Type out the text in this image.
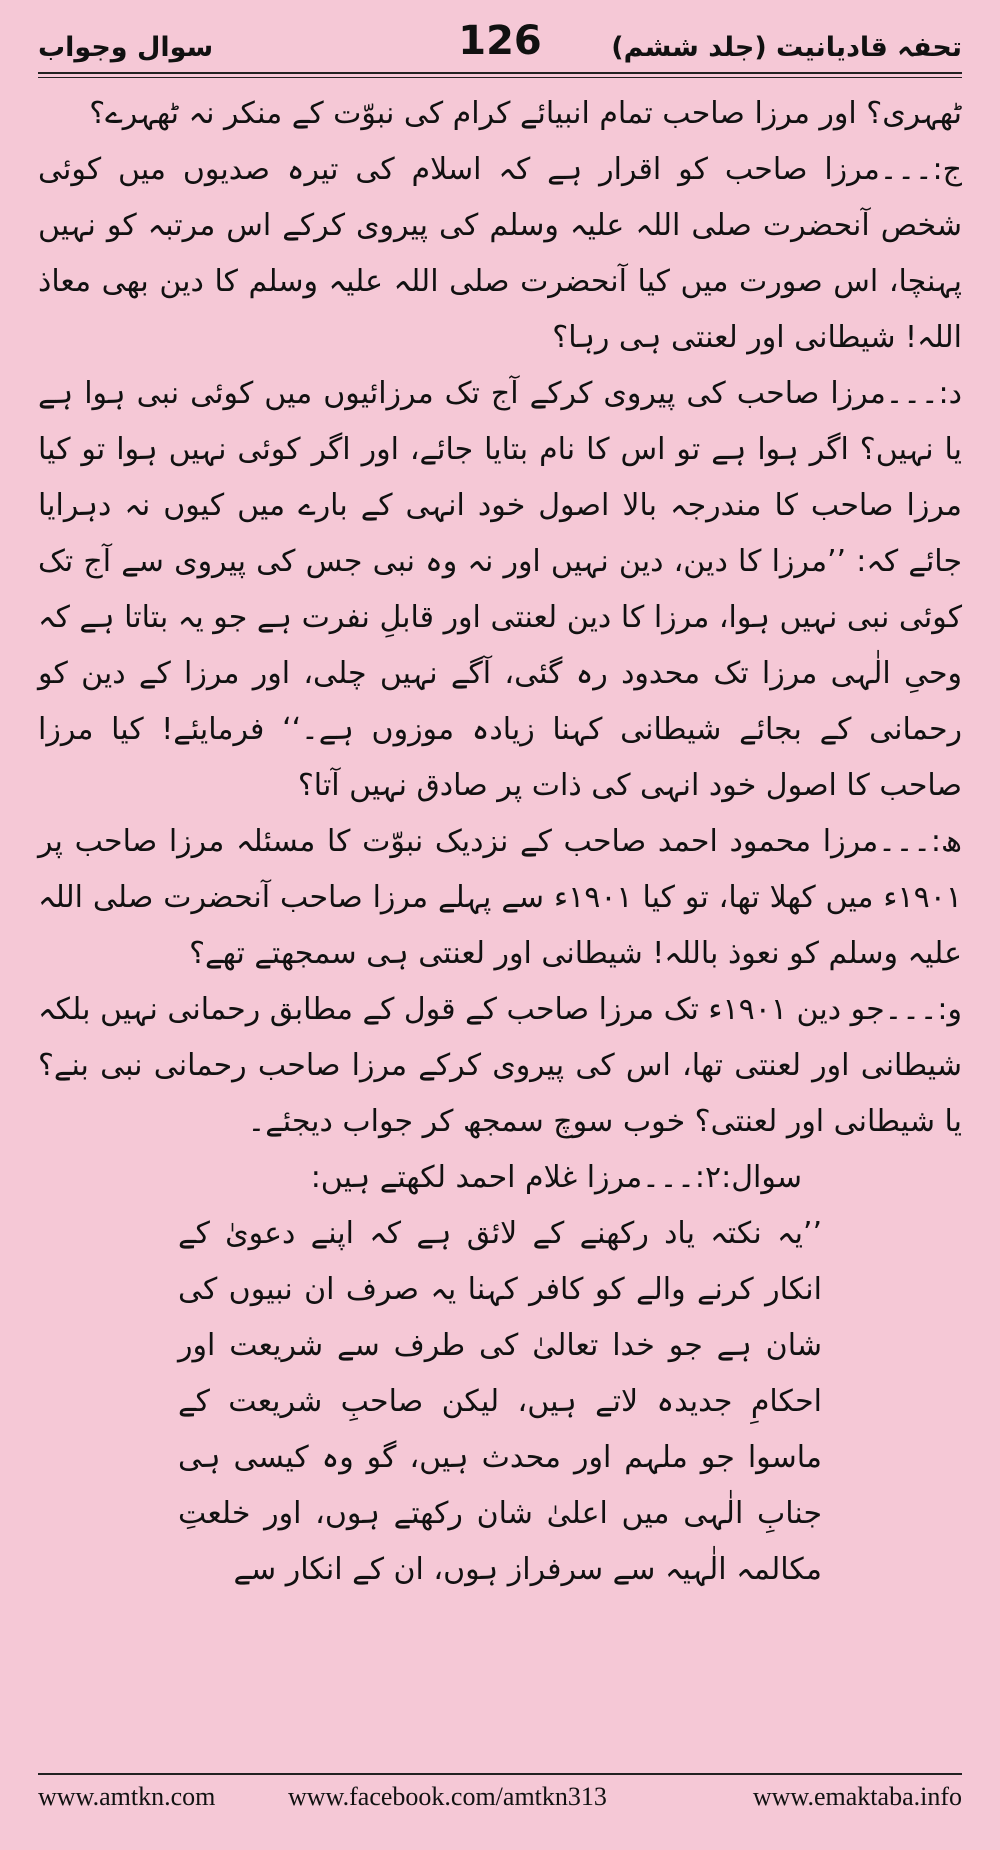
سوال وجواب	126	تحفہ قادیانیت (جلد ششم)

ٹھہری؟ اور مرزا صاحب تمام انبیائے کرام کی نبوّت کے منکر نہ ٹھہرے؟

ج:۔۔۔مرزا صاحب کو اقرار ہے کہ اسلام کی تیرہ صدیوں میں کوئی شخص آنحضرت صلی اللہ علیہ وسلم کی پیروی کرکے اس مرتبہ کو نہیں پہنچا، اس صورت میں کیا آنحضرت صلی اللہ علیہ وسلم کا دین بھی معاذ اللہ! شیطانی اور لعنتی ہی رہا؟

د:۔۔۔مرزا صاحب کی پیروی کرکے آج تک مرزائیوں میں کوئی نبی ہوا ہے یا نہیں؟ اگر ہوا ہے تو اس کا نام بتایا جائے، اور اگر کوئی نہیں ہوا تو کیا مرزا صاحب کا مندرجہ بالا اصول خود انہی کے بارے میں کیوں نہ دہرایا جائے کہ: ’’مرزا کا دین، دین نہیں اور نہ وہ نبی جس کی پیروی سے آج تک کوئی نبی نہیں ہوا، مرزا کا دین لعنتی اور قابلِ نفرت ہے جو یہ بتاتا ہے کہ وحیِ الٰہی مرزا تک محدود رہ گئی، آگے نہیں چلی، اور مرزا کے دین کو رحمانی کے بجائے شیطانی کہنا زیادہ موزوں ہے۔‘‘ فرمایئے! کیا مرزا صاحب کا اصول خود انہی کی ذات پر صادق نہیں آتا؟

ھ:۔۔۔مرزا محمود احمد صاحب کے نزدیک نبوّت کا مسئلہ مرزا صاحب پر ۱۹۰۱ء میں کھلا تھا، تو کیا ۱۹۰۱ء سے پہلے مرزا صاحب آنحضرت صلی اللہ علیہ وسلم کو نعوذ باللہ! شیطانی اور لعنتی ہی سمجھتے تھے؟

و:۔۔۔جو دین ۱۹۰۱ء تک مرزا صاحب کے قول کے مطابق رحمانی نہیں بلکہ شیطانی اور لعنتی تھا، اس کی پیروی کرکے مرزا صاحب رحمانی نبی بنے؟ یا شیطانی اور لعنتی؟ خوب سوچ سمجھ کر جواب دیجئے۔

سوال:۲:۔۔۔مرزا غلام احمد لکھتے ہیں:

’’یہ نکتہ یاد رکھنے کے لائق ہے کہ اپنے دعویٰ کے انکار کرنے والے کو کافر کہنا یہ صرف ان نبیوں کی شان ہے جو خدا تعالیٰ کی طرف سے شریعت اور احکامِ جدیدہ لاتے ہیں، لیکن صاحبِ شریعت کے ماسوا جو ملہم اور محدث ہیں، گو وہ کیسی ہی جنابِ الٰہی میں اعلیٰ شان رکھتے ہوں، اور خلعتِ مکالمہ الٰہیہ سے سرفراز ہوں، ان کے انکار سے

www.amtkn.com	www.facebook.com/amtkn313	www.emaktaba.info
